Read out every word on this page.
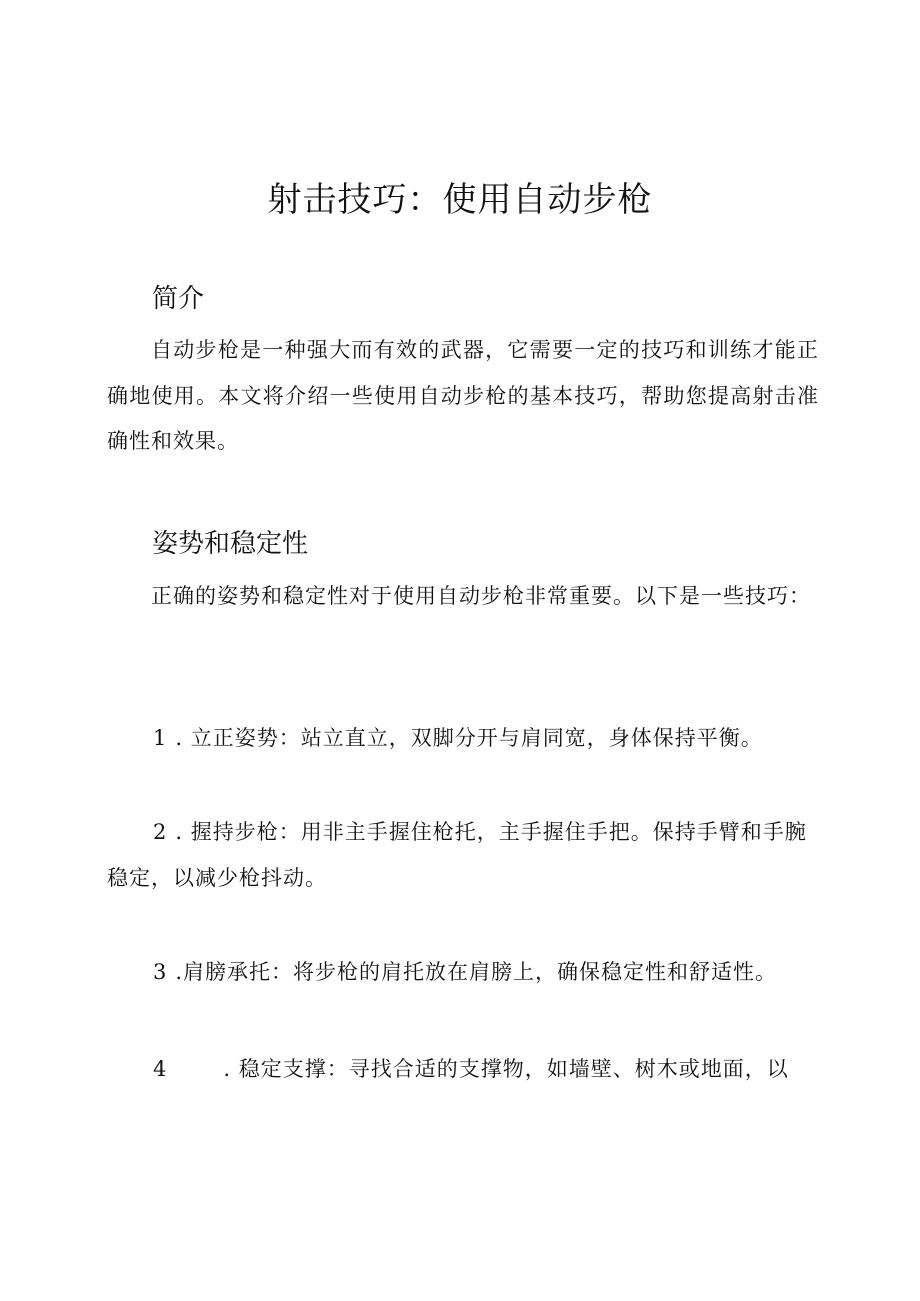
射击技巧：使用自动步枪
简介

自动步枪是一种强大而有效的武器，它需要一定的技巧和训练才能正确地使用。本文将介绍一些使用自动步枪的基本技巧，帮助您提高射击准确性和效果。

姿势和稳定性

正确的姿势和稳定性对于使用自动步枪非常重要。以下是一些技巧：

1 . 立正姿势：站立直立，双脚分开与肩同宽，身体保持平衡。

2 . 握持步枪：用非主手握住枪托，主手握住手把。保持手臂和手腕稳定，以减少枪抖动。

3 .肩膀承托：将步枪的肩托放在肩膀上，确保稳定性和舒适性。

4	. 稳定支撑：寻找合适的支撑物，如墙壁、树木或地面，以
